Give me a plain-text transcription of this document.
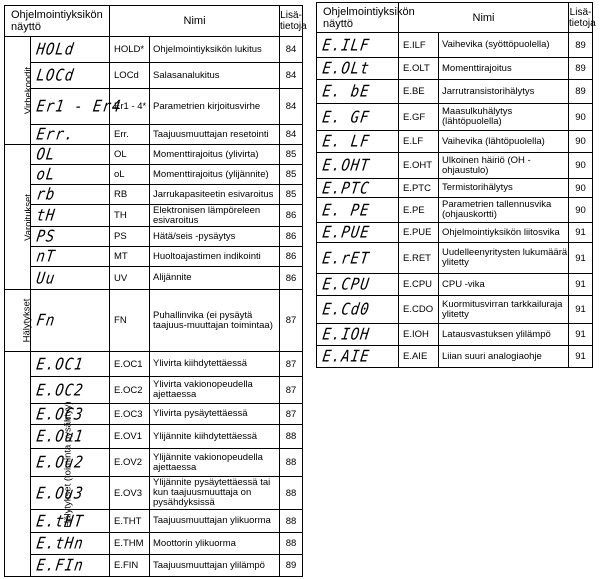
Ohjelmointiyksikön näyttö		Nimi		Lisä-tietoja
Virhekoodit	HOLd	HOLD*	Ohjelmointiyksikön lukitus	84
	LOCd	LOCd	Salasanalukitus	84
	Er1 - Er4	Er1 - 4*	Parametrien kirjoitusvirhe	84
	Err.	Err.	Taajuusmuuttajan resetointi	84
Varoitukset	OL	OL	Momenttirajoitus (ylivirta)	85
	oL	oL	Momenttirajoitus (ylijännite)	85
	rb	RB	Jarrukapasiteetin esivaroitus	85
	tH	TH	Elektronisen lämpöreleen esivaroitus	86
	PS	PS	Hätä/seis -pysäytys	86
	nT	MT	Huoltoajastimen indikointi	86
	Uu	UV	Alijännite	86
Hälytykset	Fn	FN	Puhallinvika (ei pysäytä taajuus-muuttajan toimintaa)	87
Hälytykset (toiminta pysähtyy)	E.OC1	E.OC1	Ylivirta kiihdytettäessä	87
	E.OC2	E.OC2	Ylivirta vakionopeudella ajettaessa	87
	E.OC3	E.OC3	Ylivirta pysäytettäessä	87
	E.Ou1	E.OV1	Ylijännite kiihdytettäessä	88
	E.Ou2	E.OV2	Ylijännite vakionopeudella ajettaessa	88
	E.Ou3	E.OV3	Ylijännite pysäytettäessä tai kun taajuusmuuttaja on pysähdyksissä	88
	E.tHT	E.THT	Taajuusmuuttajan ylikuorma	88
	E.tHn	E.THM	Moottorin ylikuorma	88
	E.FIn	E.FIN	Taajuusmuuttajan ylilämpö	89
Ohjelmointiyksikön näyttö	Nimi		Lisä-tietoja
E.ILF	E.ILF	Vaihevika (syöttöpuolella)	89
E.OLt	E.OLT	Momenttirajoitus	89
E. bE	E.BE	Jarrutransistorihälytys	89
E. GF	E.GF	Maasulkuhälytys (lähtöpuolella)	90
E. LF	E.LF	Vaihevika (lähtöpuolella)	90
E.OHT	E.OHT	Ulkoinen häiriö (OH -ohjaustulo)	90
E.PTC	E.PTC	Termistorihälytys	90
E. PE	E.PE	Parametrien tallennusvika (ohjauskortti)	90
E.PUE	E.PUE	Ohjelmointiyksikön liitosvika	91
E.rET	E.RET	Uudelleenyritysten lukumäärä ylitetty	91
E.CPU	E.CPU	CPU -vika	91
E.Cd0	E.CDO	Kuormitusvirran tarkkailuraja ylitetty	91
E.IOH	E.IOH	Latausvastuksen ylilämpö	91
E.AIE	E.AIE	Liian suuri analogiaohje	91
